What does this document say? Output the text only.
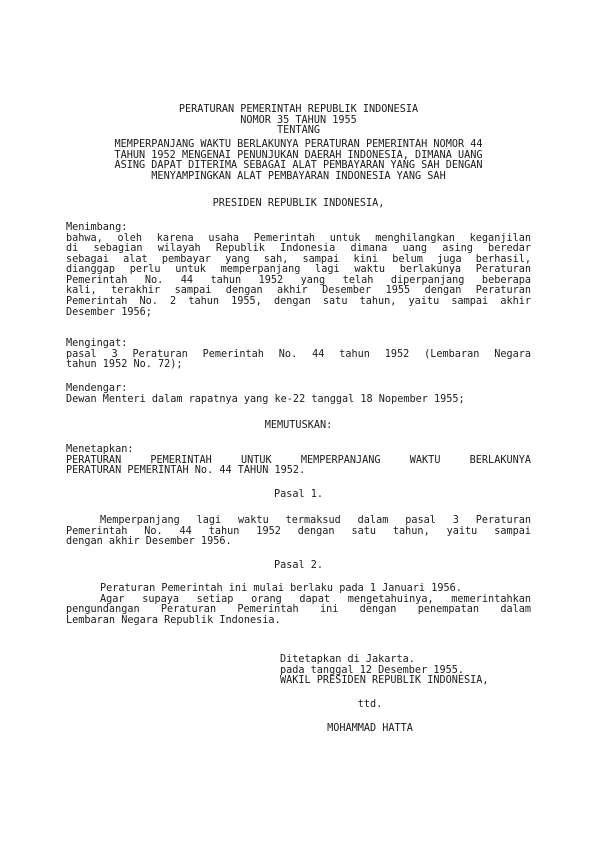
PERATURAN PEMERINTAH REPUBLIK INDONESIA
NOMOR 35 TAHUN 1955
TENTANG
MEMPERPANJANG WAKTU BERLAKUNYA PERATURAN PEMERINTAH NOMOR 44
TAHUN 1952 MENGENAI PENUNJUKAN DAERAH INDONESIA, DIMANA UANG
ASING DAPAT DITERIMA SEBAGAI ALAT PEMBAYARAN YANG SAH DENGAN
MENYAMPINGKAN ALAT PEMBAYARAN INDONESIA YANG SAH
PRESIDEN REPUBLIK INDONESIA,
Menimbang:
bahwa, oleh karena usaha Pemerintah untuk menghilangkan keganjilan
di sebagian wilayah Republik Indonesia dimana uang asing beredar
sebagai alat pembayar yang sah, sampai kini belum juga berhasil,
dianggap perlu untuk memperpanjang lagi waktu berlakunya Peraturan
Pemerintah No. 44 tahun 1952 yang telah diperpanjang beberapa
kali, terakhir sampai dengan akhir Desember 1955 dengan Peraturan
Pemerintah No. 2 tahun 1955, dengan satu tahun, yaitu sampai akhir
Desember 1956;
Mengingat:
pasal 3 Peraturan Pemerintah No. 44 tahun 1952 (Lembaran Negara
tahun 1952 No. 72);
Mendengar:
Dewan Menteri dalam rapatnya yang ke-22 tanggal 18 Nopember 1955;
MEMUTUSKAN:
Menetapkan:
PERATURAN PEMERINTAH UNTUK MEMPERPANJANG WAKTU BERLAKUNYA
PERATURAN PEMERINTAH No. 44 TAHUN 1952.
Pasal 1.
Memperpanjang lagi waktu termaksud dalam pasal 3 Peraturan
Pemerintah No. 44 tahun 1952 dengan satu tahun, yaitu sampai
dengan akhir Desember 1956.
Pasal 2.
Peraturan Pemerintah ini mulai berlaku pada 1 Januari 1956.
Agar supaya setiap orang dapat mengetahuinya, memerintahkan
pengundangan Peraturan Pemerintah ini dengan penempatan dalam
Lembaran Negara Republik Indonesia.
Ditetapkan di Jakarta.
pada tanggal 12 Desember 1955.
WAKIL PRESIDEN REPUBLIK INDONESIA,
ttd.
MOHAMMAD HATTA
